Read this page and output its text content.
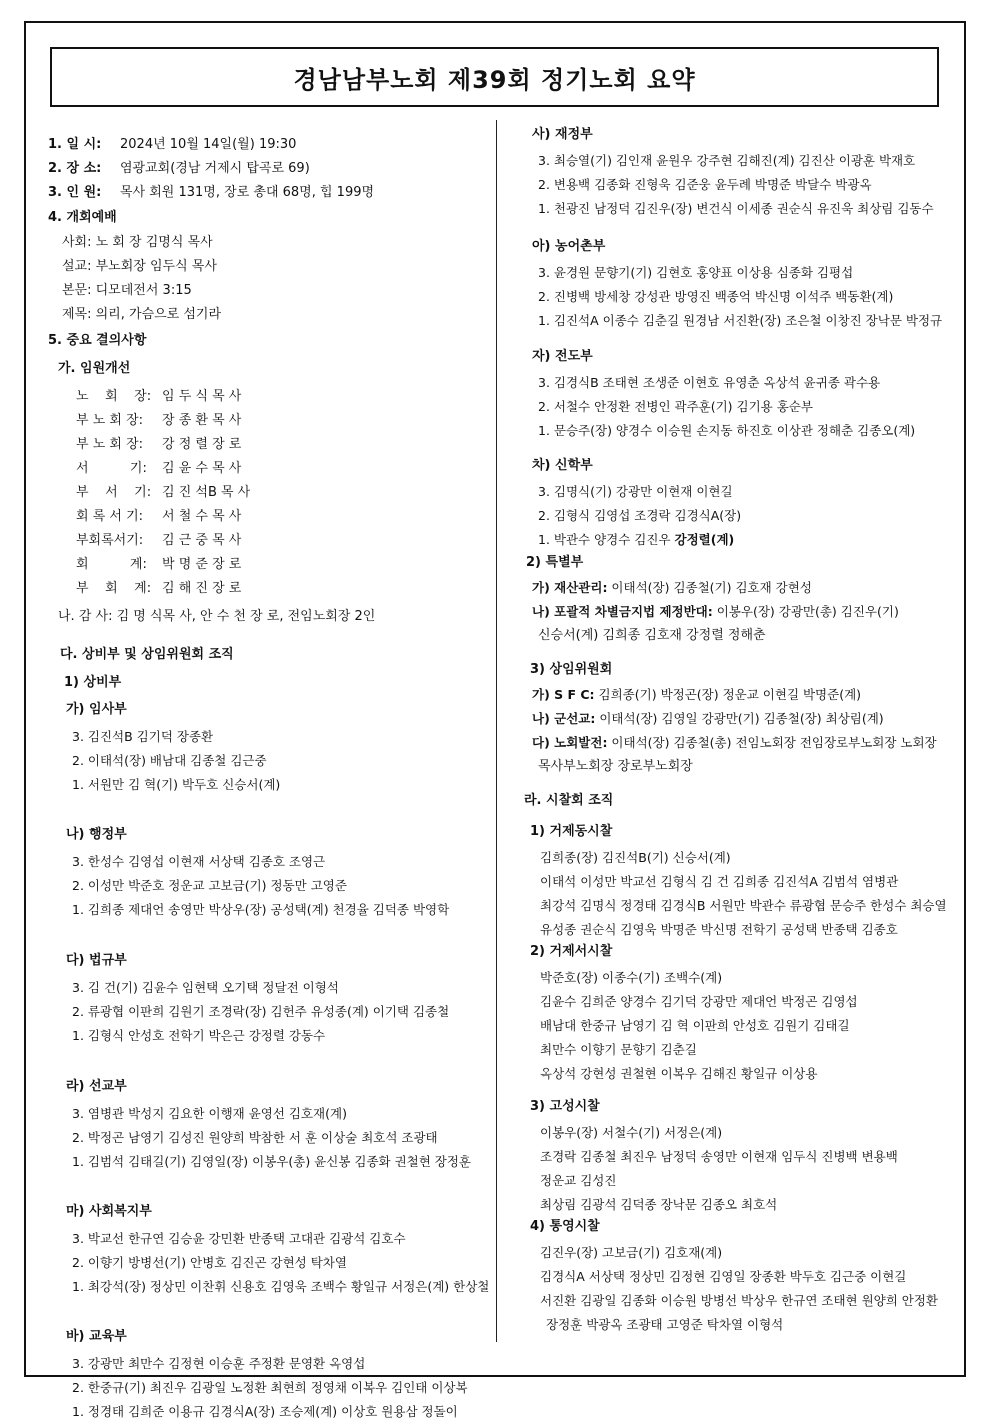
경남남부노회 제39회 정기노회 요약
1. 일 시: 2024년 10월 14일(월) 19:30
2. 장 소: 염광교회(경남 거제시 탑곡로 69)
3. 인 원: 목사 회원 131명, 장로 총대 68명, 힙 199명
4. 개회예배
사회: 노 회 장 김명식 목사
설교: 부노회장 임두식 목사
본문: 디모데전서 3:15
제목: 의리, 가슴으로 섬기라
5. 중요 결의사항
가. 임원개선
노    회    장: 임 두 식 목 사
부 노 회 장: 장 종 환 목 사
부 노 회 장: 강 정 렬 장 로
서          기: 김 윤 수 목 사
부    서    기: 김 진 석B 목 사
회 록 서 기: 서 철 수 목 사
부회록서기: 김 근 중 목 사
회          계: 박 명 준 장 로
부    회    계: 김 해 진 장 로
나. 감 사: 김 명 식목 사, 안 수 천 장 로, 전임노회장 2인
다. 상비부 및 상임위원회 조직
1) 상비부
가) 임사부
3. 김진석B 김기덕 장종환
2. 이태석(장) 배남대 김종철 김근중
1. 서원만 김 혁(기) 박두호 신승서(계)
나) 행정부
3. 한성수 김영섭 이현재 서상택 김종호 조영근
2. 이성만 박준호 정운교 고보금(기) 정동만 고영준
1. 김희종 제대언 송영만 박상우(장) 공성택(계) 천경율 김덕종 박영학
다) 법규부
3. 김 건(기) 김윤수 임현택 오기택 정달전 이형석
2. 류광협 이판희 김원기 조경락(장) 김헌주 유성종(계) 이기택 김종철
1. 김형식 안성호 전학기 박은근 강정렬 강동수
라) 선교부
3. 염병관 박성지 김요한 이행재 윤영선 김호재(계)
2. 박정곤 남영기 김성진 원양희 박참한 서 훈 이상술 최호석 조광태
1. 김범석 김태길(기) 김영일(장) 이봉우(총) 윤신봉 김종화 권철현 장정훈
마) 사회복지부
3. 박교선 한규연 김승윤 강민환 반종택 고대관 김광석 김호수
2. 이향기 방병선(기) 안병호 김진곤 강현성 탁차열
1. 최강석(장) 정상민 이찬휘 신용호 김영욱 조백수 황일규 서정은(계) 한상철
바) 교육부
3. 강광만 최만수 김정현 이승훈 주정환 문영환 옥영섭
2. 한중규(기) 최진우 김광일 노정환 최현희 정영채 이복우 김인태 이상복
1. 정경태 김희준 이용규 김경식A(장) 조승제(계) 이상호 원용삼 정돌이
사) 재정부
3. 최승열(기) 김인재 윤원우 강주현 김해진(계) 김진산 이광훈 박재호
2. 변용백 김종화 진형욱 김준웅 윤두례 박명준 박달수 박광옥
1. 천광진 남정덕 김진우(장) 변건식 이세종 권순식 유진욱 최상림 김동수
아) 농어촌부
3. 윤경원 문향기(기) 김현호 홍양표 이상용 심종화 김평섭
2. 진병백 방세창 강성관 방영진 백종억 박신명 이석주 백동환(계)
1. 김진석A 이종수 김춘길 원경남 서진환(장) 조은철 이창진 장낙문 박정규
자) 전도부
3. 김경식B 조태현 조생준 이현호 유영춘 옥상석 윤귀종 곽수용
2. 서철수 안정환 전병인 곽주훈(기) 김기용 홍순부
1. 문승주(장) 양경수 이승원 손지동 하진호 이상관 정해춘 김종오(계)
차) 신학부
3. 김명식(기) 강광만 이현재 이현길
2. 김형식 김영섭 조경락 김경식A(장)
1. 박관수 양경수 김진우 강정렬(계)
2) 특별부
가) 재산관리: 이태석(장) 김종철(기) 김호재 강현성
나) 포괄적 차별금지법 제정반대: 이봉우(장) 강광만(총) 김진우(기)
신승서(계) 김희종 김호재 강정렬 정해춘
3) 상임위원회
가) S F C: 김희종(기) 박정곤(장) 정운교 이현길 박명준(계)
나) 군선교: 이태석(장) 김영일 강광만(기) 김종철(장) 최상림(계)
다) 노회발전: 이태석(장) 김종철(총) 전임노회장 전임장로부노회장 노회장
목사부노회장 장로부노회장
라. 시찰회 조직
1) 거제동시찰
김희종(장) 김진석B(기) 신승서(계)
이태석 이성만 박교선 김형식 김 건 김희종 김진석A 김범석 염병관
최강석 김명식 정경태 김경식B 서원만 박관수 류광협 문승주 한성수 최승열
유성종 권순식 김영욱 박명준 박신명 전학기 공성택 반종택 김종호
2) 거제서시찰
박준호(장) 이종수(기) 조백수(계)
김윤수 김희준 양경수 김기덕 강광만 제대언 박정곤 김영섭
배남대 한중규 남영기 김 혁 이판희 안성호 김원기 김태길
최만수 이향기 문향기 김춘길
옥상석 강현성 권철현 이복우 김해진 황일규 이상용
3) 고성시찰
이봉우(장) 서철수(기) 서정은(계)
조경락 김종철 최진우 남정덕 송영만 이현재 임두식 진병백 변용백
정운교 김성진
최상림 김광석 김덕종 장낙문 김종오 최호석
4) 통영시찰
김진우(장) 고보금(기) 김호재(계)
김경식A 서상택 정상민 김정현 김영일 장종환 박두호 김근중 이현길
서진환 김광일 김종화 이승원 방병선 박상우 한규연 조태현 원양희 안정환
장정훈 박광옥 조광태 고영준 탁차열 이형석
